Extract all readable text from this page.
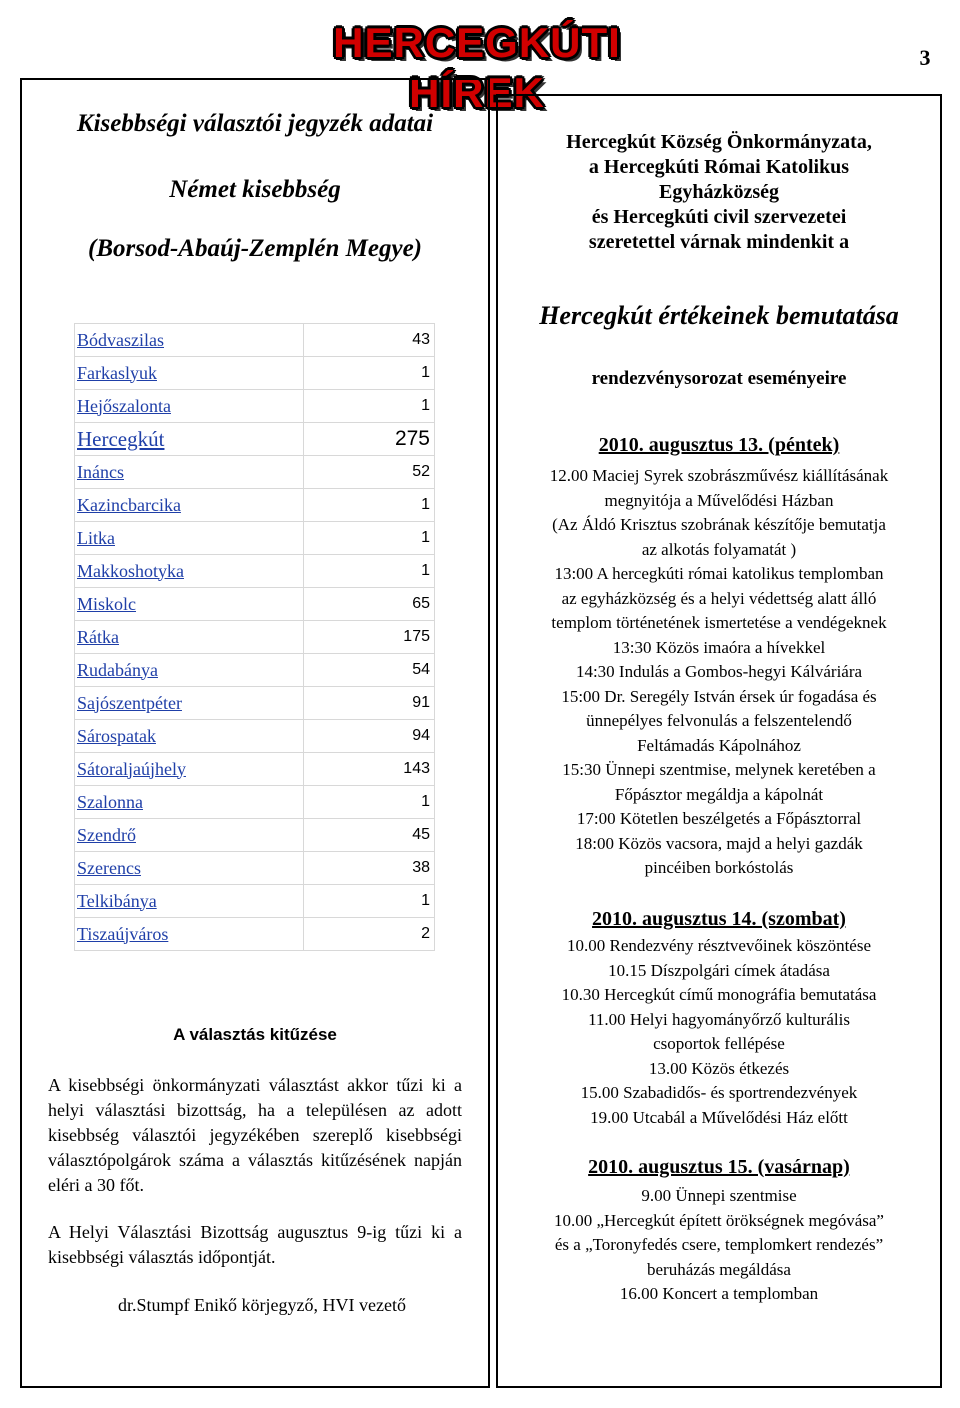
HERCEGKÚTI HÍREK
3
Kisebbségi választói jegyzék adatai
Német kisebbség
(Borsod-Abaúj-Zemplén Megye)
Bódvaszilas	43
Farkaslyuk	1
Hejőszalonta	1
Hercegkút	275
Ináncs	52
Kazincbarcika	1
Litka	1
Makkoshotyka	1
Miskolc	65
Rátka	175
Rudabánya	54
Sajószentpéter	91
Sárospatak	94
Sátoraljaújhely	143
Szalonna	1
Szendrő	45
Szerencs	38
Telkibánya	1
Tiszaújváros	2
A választás kitűzése
A kisebbségi önkormányzati választást akkor tűzi ki a helyi választási bizottság, ha a településen az adott kisebbség választói jegyzékében szereplő kisebbségi választópolgárok száma a választás kitűzésének napján eléri a 30 főt.
A Helyi Választási Bizottság augusztus 9-ig tűzi ki a kisebbségi választás időpontját.
dr.Stumpf Enikő körjegyző, HVI vezető
Hercegkút Község Önkormányzata,
a Hercegkúti Római Katolikus
Egyházközség
és Hercegkúti civil szervezetei
szeretettel várnak mindenkit a
Hercegkút értékeinek bemutatása
rendezvénysorozat eseményeire
2010. augusztus 13. (péntek)
12.00 Maciej Syrek szobrászművész kiállításának
megnyitója a Művelődési Házban
(Az Áldó Krisztus szobrának készítője bemutatja
az alkotás folyamatát )
13:00 A hercegkúti római katolikus templomban
az egyházközség és a helyi védettség alatt álló
templom történetének ismertetése a vendégeknek
13:30 Közös imaóra a hívekkel
14:30 Indulás a Gombos-hegyi Kálváriára
15:00 Dr. Seregély István érsek úr fogadása és
ünnepélyes felvonulás a felszentelendő
Feltámadás Kápolnához
15:30 Ünnepi szentmise, melynek keretében a
Főpásztor megáldja a kápolnát
17:00 Kötetlen beszélgetés a Főpásztorral
18:00 Közös vacsora, majd a helyi gazdák
pincéiben borkóstolás
2010. augusztus 14. (szombat)
10.00 Rendezvény résztvevőinek köszöntése
10.15 Díszpolgári címek átadása
10.30 Hercegkút című monográfia bemutatása
11.00 Helyi hagyományőrző kulturális
csoportok fellépése
13.00 Közös étkezés
15.00 Szabadidős- és sportrendezvények
19.00 Utcabál a Művelődési Ház előtt
2010. augusztus 15. (vasárnap)
9.00 Ünnepi szentmise
10.00 „Hercegkút épített örökségnek megóvása”
és a „Toronyfedés csere, templomkert rendezés”
beruházás megáldása
16.00 Koncert a templomban
